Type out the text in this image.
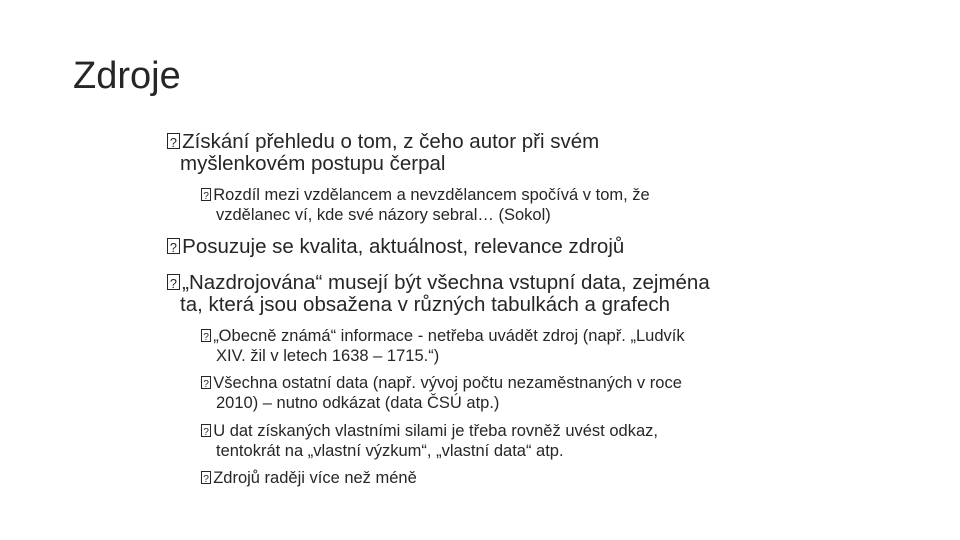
Zdroje

?Získání přehledu o tom, z čeho autor při svém
myšlenkovém postupu čerpal

?Rozdíl mezi vzdělancem a nevzdělancem spočívá v tom, že
vzdělanec ví, kde své názory sebral… (Sokol)

?Posuzuje se kvalita, aktuálnost, relevance zdrojů

?„Nazdrojována“ musejí být všechna vstupní data, zejména
ta, která jsou obsažena v různých tabulkách a grafech

?„Obecně známá“ informace - netřeba uvádět zdroj (např. „Ludvík
XIV. žil v letech 1638 – 1715.“)

?Všechna ostatní data (např. vývoj počtu nezaměstnaných v roce
2010) – nutno odkázat (data ČSÚ atp.)

?U dat získaných vlastními silami je třeba rovněž uvést odkaz,
tentokrát na „vlastní výzkum“, „vlastní data“ atp.

?Zdrojů raději více než méně
